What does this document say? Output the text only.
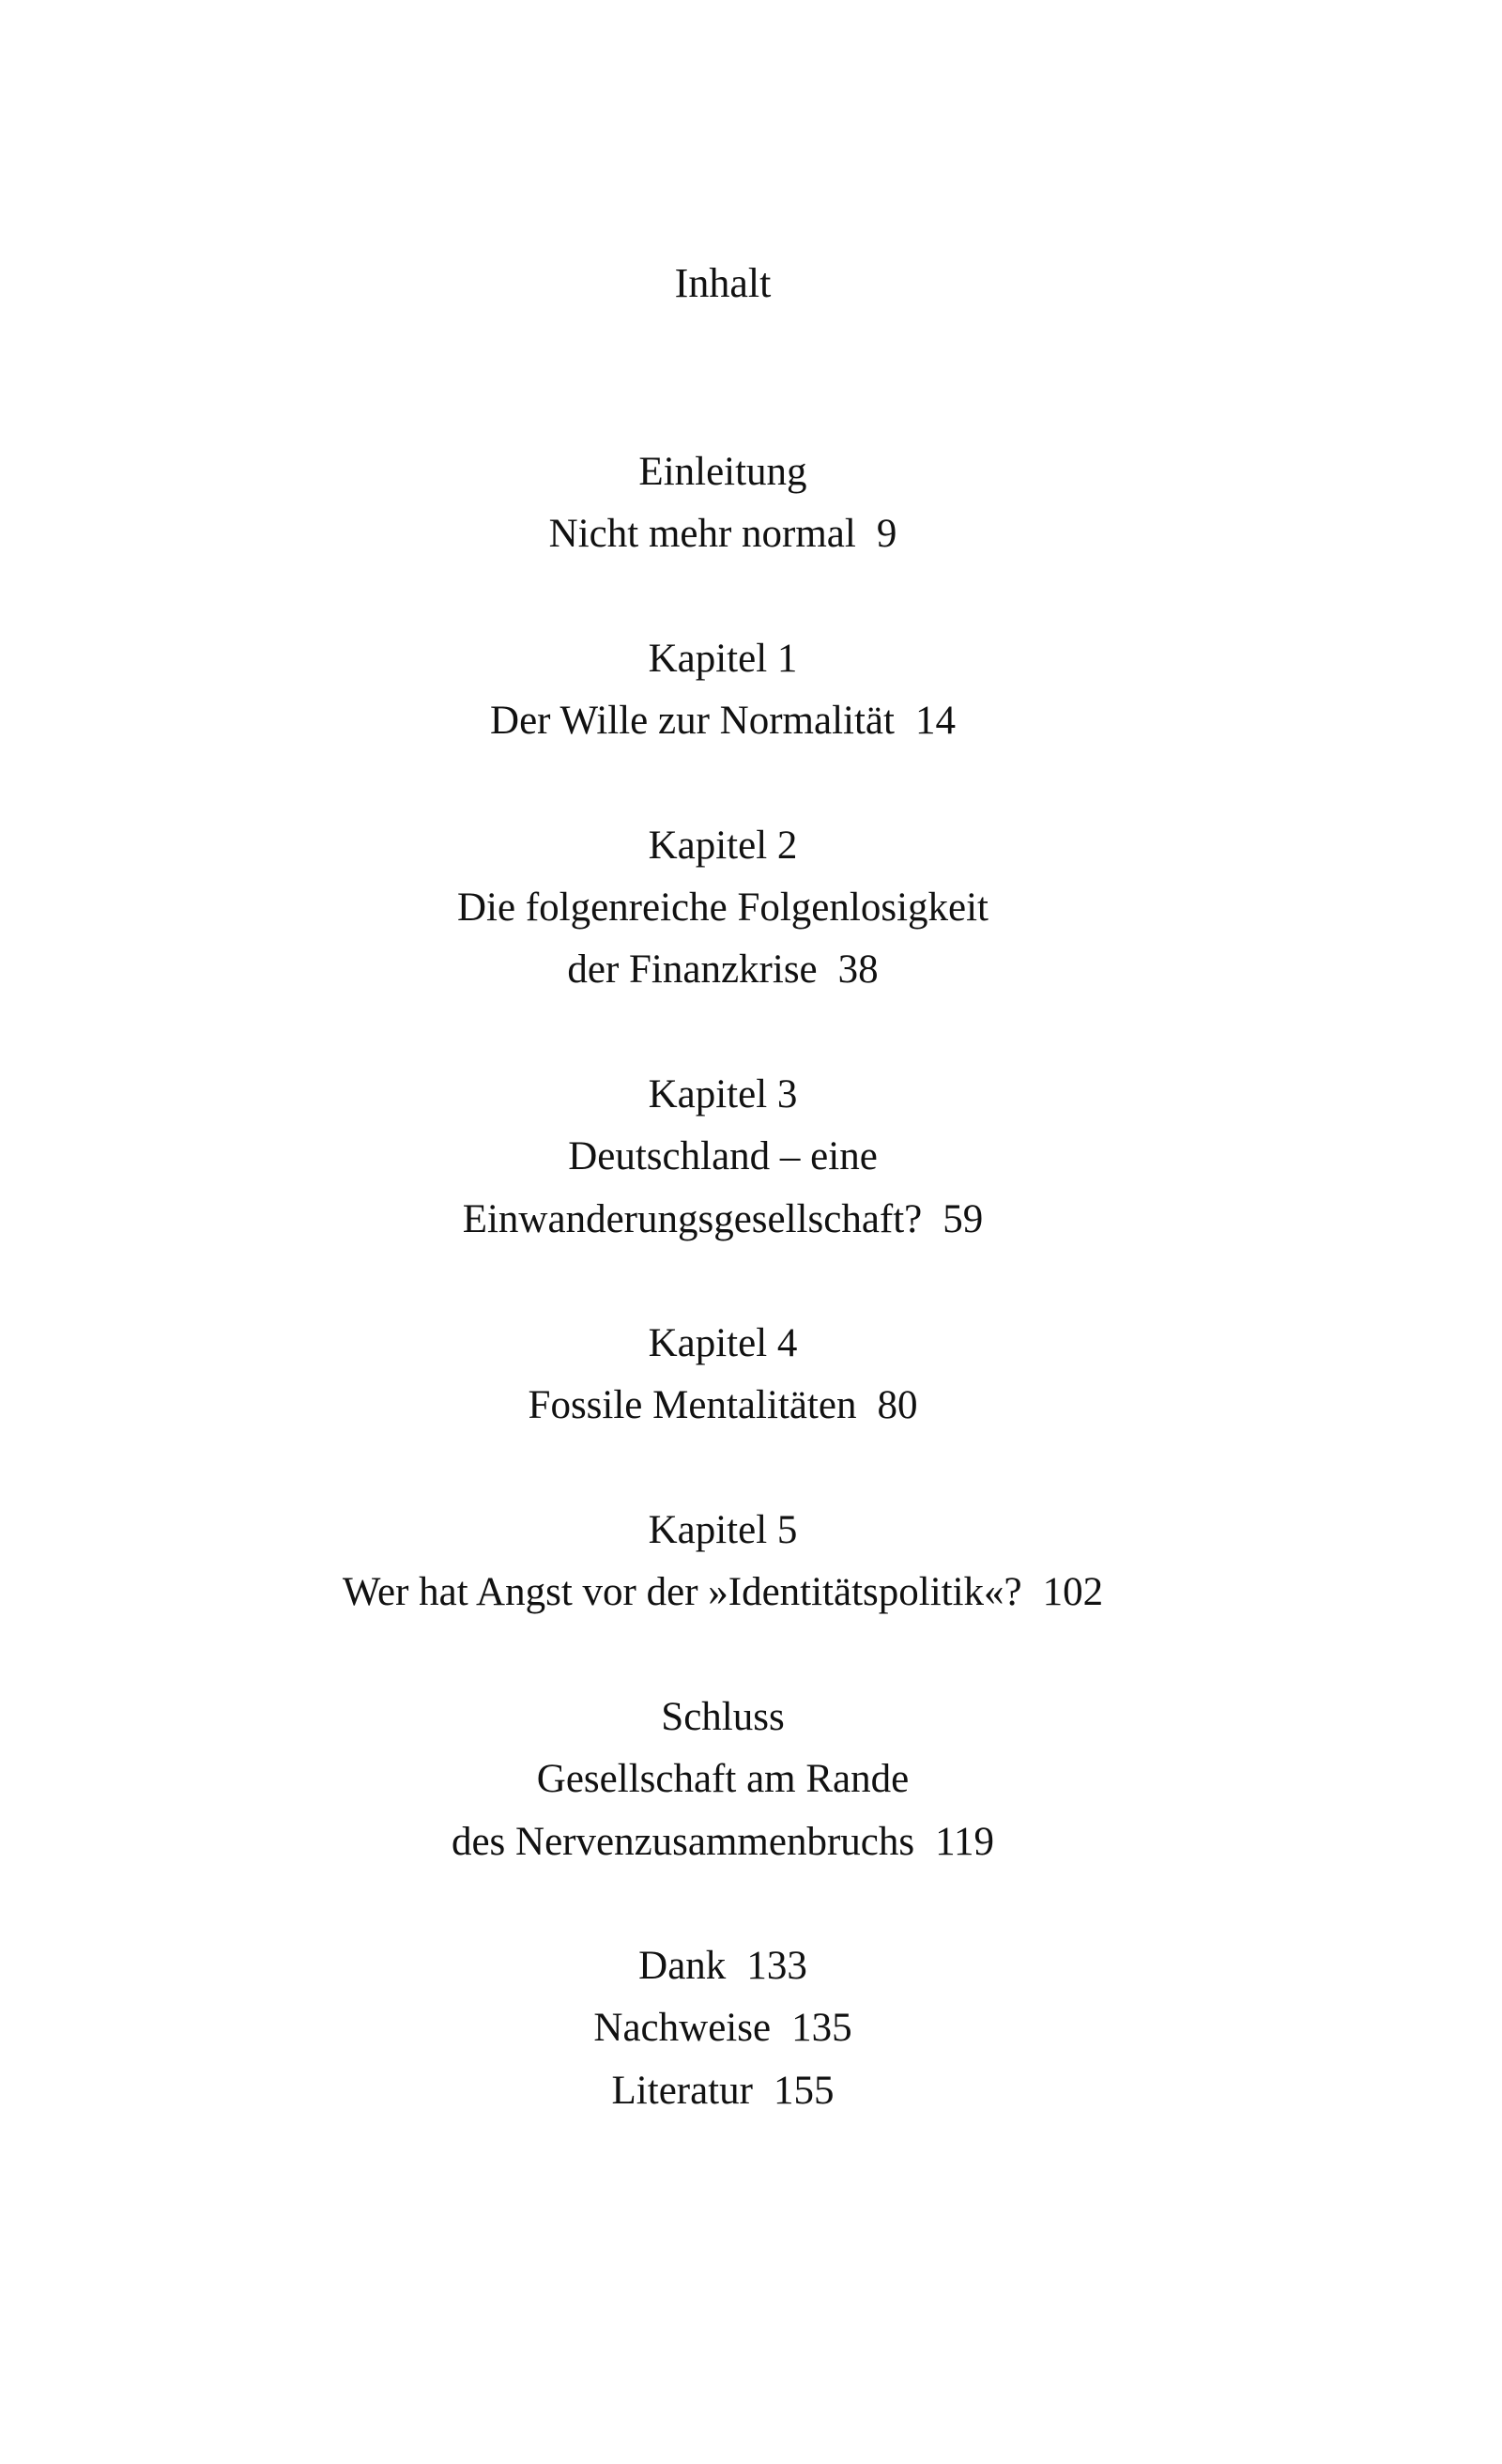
Inhalt
Einleitung
Nicht mehr normal 9
Kapitel 1
Der Wille zur Normalität 14
Kapitel 2
Die folgenreiche Folgenlosigkeit
der Finanzkrise 38
Kapitel 3
Deutschland – eine
Einwanderungsgesellschaft? 59
Kapitel 4
Fossile Mentalitäten 80
Kapitel 5
Wer hat Angst vor der »Identitätspolitik«? 102
Schluss
Gesellschaft am Rande
des Nervenzusammenbruchs 119
Dank 133
Nachweise 135
Literatur 155
